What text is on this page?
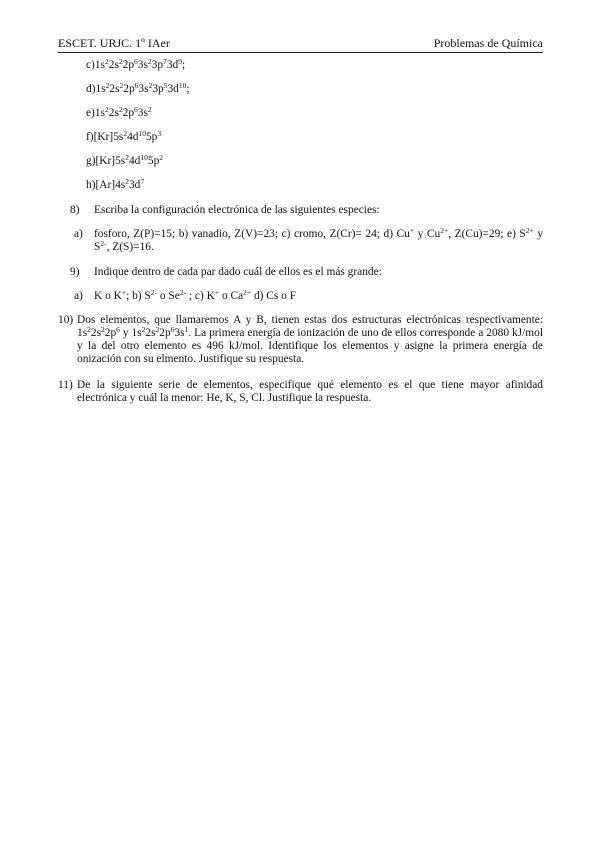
ESCET. URJC. 1º IAer	Problemas de Química
$c)1s^22s^22p^63s^23p^73d^9$;
$d)1s^22s^22p^63s^23p^53d^{10}$;
$e)1s^22s^22p^63s^2$
$f)[Kr]5s^24d^{10}5p^3$
$g)[Kr]5s^24d^{10}5p^2$
$h)[Ar]4s^23d^7$
8) Escriba la configuración electrónica de las siguientes especies:
a) fosforo, Z(P)=15; b) vanadio, Z(V)=23; c) cromo, Z(Cr)= 24; d) Cu+ y $Cu^{2+}$, Z(Cu)=29; e) $S^{2+}$ y $S^{2-}$, Z(S)=16.
9) Indique dentro de cada par dado cuál de ellos es el más grande:
a) K o K+; b) $S^{2-}$ o $Se^{2-}$ ; c) K+ o $Ca^{2+}$ d) Cs o F
10) Dos elementos, que llamaremos A y B, tienen estas dos estructuras electrónicas respectivamente: $1s^22s^22p^6$ y $1s^22s^22p^63s^1$. La primera energía de ionización de uno de ellos corresponde a 2080 kJ/mol y la del otro elemento es 496 kJ/mol. Identifique los elementos y asigne la primera energía de onización con su elmento. Justifique su respuesta.
11) De la siguiente serie de elementos, especifique qué elemento es el que tiene mayor afinidad electrónica y cuál la menor: He, K, S, Cl. Justifique la respuesta.
